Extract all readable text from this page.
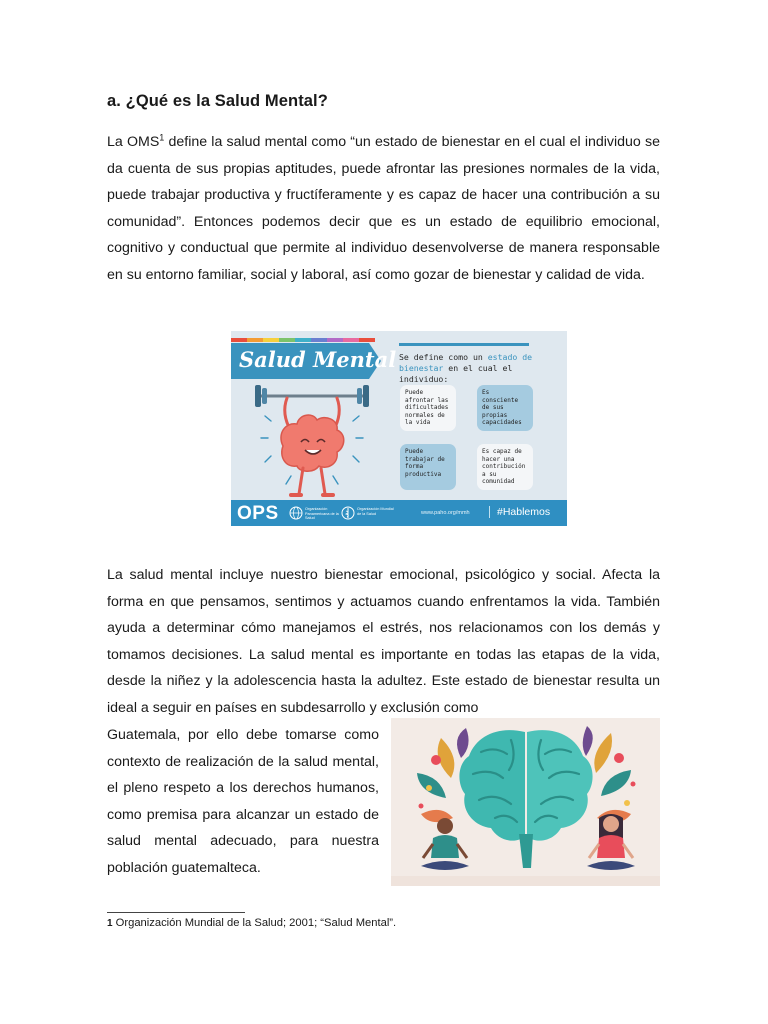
a. ¿Qué es la Salud Mental?

La OMS$^1$ define la salud mental como “un estado de bienestar en el cual el individuo se da cuenta de sus propias aptitudes, puede afrontar las presiones normales de la vida, puede trabajar productiva y fructíferamente y es capaz de hacer una contribución a su comunidad”. Entonces podemos decir que es un estado de equilibrio emocional, cognitivo y conductual que permite al individuo desenvolverse de manera responsable en su entorno familiar, social y laboral, así como gozar de bienestar y calidad de vida.

Salud Mental Se define como un estado de bienestar en el cual el individuo:
Puede afrontar las dificultades normales de la vida
Es consciente de sus propias capacidades
Puede trabajar de forma productiva
Es capaz de hacer una contribución a su comunidad
OPS	Organización Panamericana de la Salud
Organización Mundial de la Salud	www.paho.org/mmh	#Hablemos

La salud mental incluye nuestro bienestar emocional, psicológico y social. Afecta la forma en que pensamos, sentimos y actuamos cuando enfrentamos la vida. También ayuda a determinar cómo manejamos el estrés, nos relacionamos con los demás y tomamos decisiones. La salud mental es importante en todas las etapas de la vida, desde la niñez y la adolescencia hasta la adultez. Este estado de bienestar resulta un ideal a seguir en países en subdesarrollo y exclusión como

Guatemala, por ello debe tomarse como contexto de realización de la salud mental, el pleno respeto a los derechos humanos, como premisa para alcanzar un estado de salud mental adecuado, para nuestra población guatemalteca.

1 Organización Mundial de la Salud; 2001; “Salud Mental”.
